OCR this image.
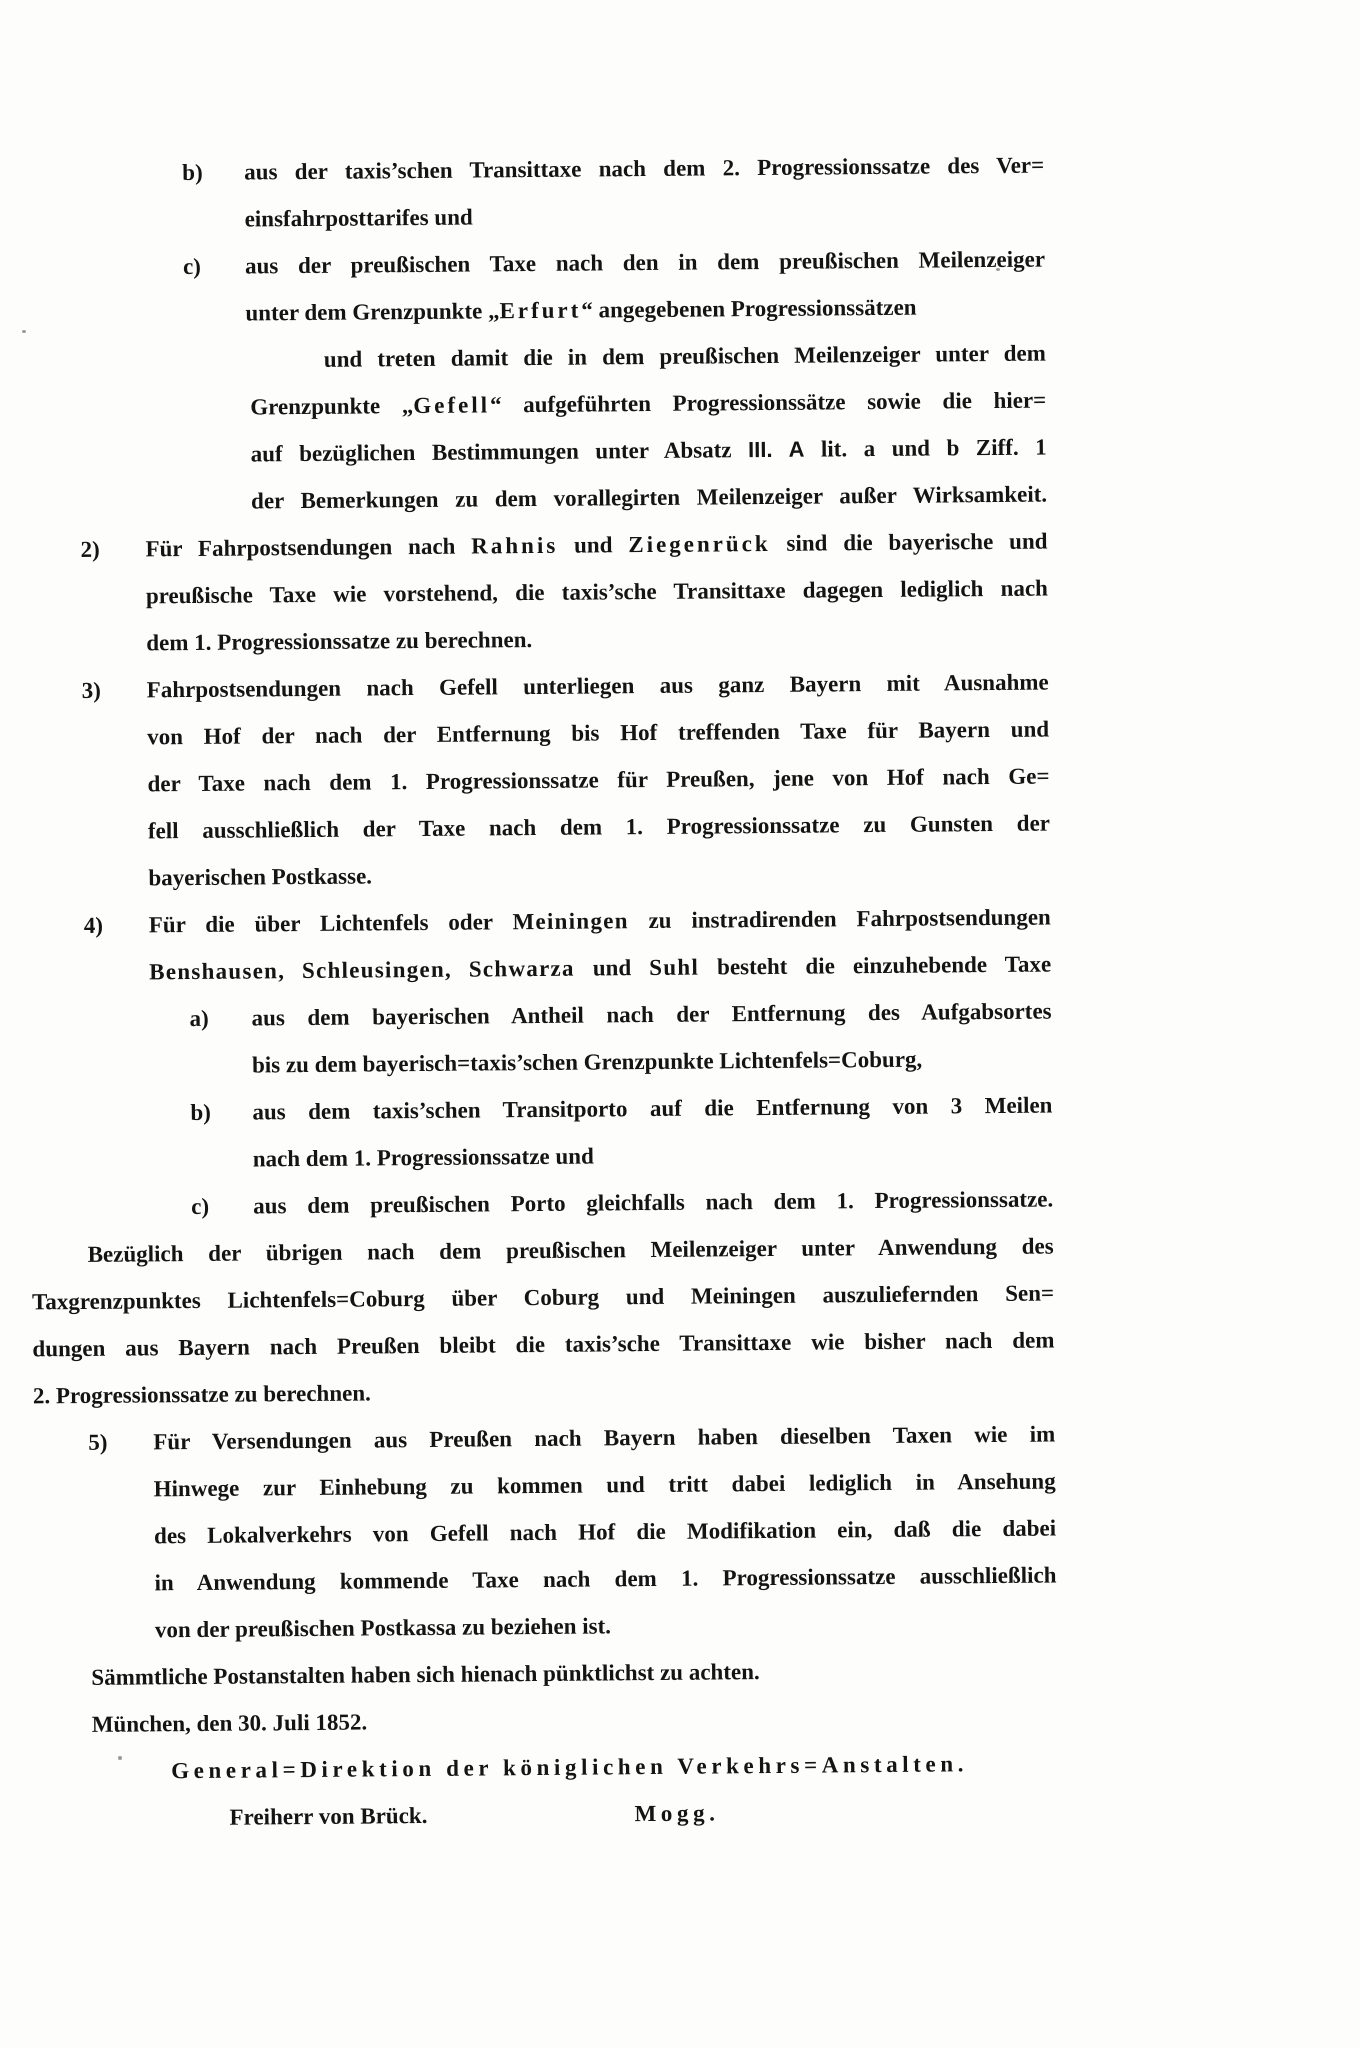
b) aus der taxis’schen Transittaxe nach dem 2. Progressionssatze des Ver=
einsfahrposttarifes und
c) aus der preußischen Taxe nach den in dem preußischen Meilenzeiger
unter dem Grenzpunkte „Erfurt“ angegebenen Progressionssätzen
und treten damit die in dem preußischen Meilenzeiger unter dem
Grenzpunkte „Gefell“ aufgeführten Progressionssätze sowie die hier=
auf bezüglichen Bestimmungen unter Absatz III. A lit. a und b Ziff. 1
der Bemerkungen zu dem vorallegirten Meilenzeiger außer Wirksamkeit.
2) Für Fahrpostsendungen nach Rahnis und Ziegenrück sind die bayerische und
preußische Taxe wie vorstehend, die taxis’sche Transittaxe dagegen lediglich nach
dem 1. Progressionssatze zu berechnen.
3) Fahrpostsendungen nach Gefell unterliegen aus ganz Bayern mit Ausnahme
von Hof der nach der Entfernung bis Hof treffenden Taxe für Bayern und
der Taxe nach dem 1. Progressionssatze für Preußen, jene von Hof nach Ge=
fell ausschließlich der Taxe nach dem 1. Progressionssatze zu Gunsten der
bayerischen Postkasse.
4) Für die über Lichtenfels oder Meiningen zu instradirenden Fahrpostsendungen
Benshausen, Schleusingen, Schwarza und Suhl besteht die einzuhebende Taxe
a) aus dem bayerischen Antheil nach der Entfernung des Aufgabsortes
bis zu dem bayerisch=taxis’schen Grenzpunkte Lichtenfels=Coburg,
b) aus dem taxis’schen Transitporto auf die Entfernung von 3 Meilen
nach dem 1. Progressionssatze und
c) aus dem preußischen Porto gleichfalls nach dem 1. Progressionssatze.
Bezüglich der übrigen nach dem preußischen Meilenzeiger unter Anwendung des
Taxgrenzpunktes Lichtenfels=Coburg über Coburg und Meiningen auszuliefernden Sen=
dungen aus Bayern nach Preußen bleibt die taxis’sche Transittaxe wie bisher nach dem
2. Progressionssatze zu berechnen.
5) Für Versendungen aus Preußen nach Bayern haben dieselben Taxen wie im
Hinwege zur Einhebung zu kommen und tritt dabei lediglich in Ansehung
des Lokalverkehrs von Gefell nach Hof die Modifikation ein, daß die dabei
in Anwendung kommende Taxe nach dem 1. Progressionssatze ausschließlich
von der preußischen Postkassa zu beziehen ist.
Sämmtliche Postanstalten haben sich hienach pünktlichst zu achten.
München, den 30. Juli 1852.
General=Direktion der königlichen Verkehrs=Anstalten.
Freiherr von Brück.	Mogg.
